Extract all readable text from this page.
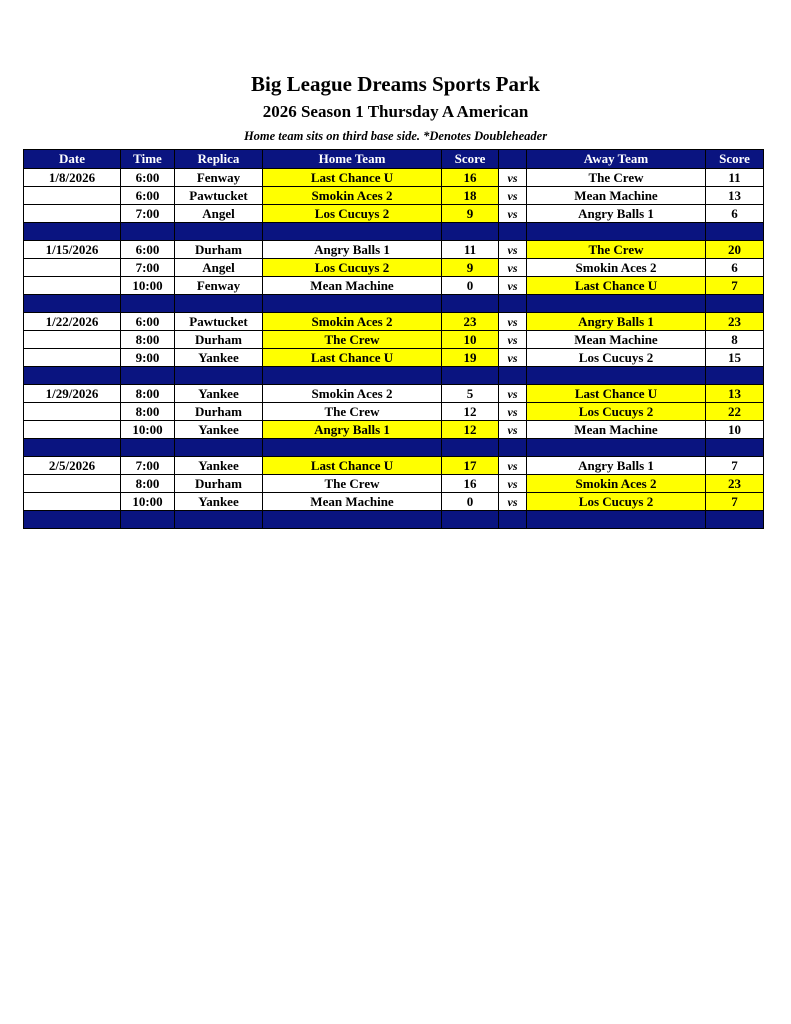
Big League Dreams Sports Park
2026 Season 1 Thursday A American
Home team sits on third base side. *Denotes Doubleheader
Date	Time	Replica	Home Team	Score		Away Team	Score
1/8/2026	6:00	Fenway	Last Chance U	16	vs	The Crew	11
	6:00	Pawtucket	Smokin Aces 2	18	vs	Mean Machine	13
	7:00	Angel	Los Cucuys 2	9	vs	Angry Balls 1	6

1/15/2026	6:00	Durham	Angry Balls 1	11	vs	The Crew	20
	7:00	Angel	Los Cucuys 2	9	vs	Smokin Aces 2	6
	10:00	Fenway	Mean Machine	0	vs	Last Chance U	7

1/22/2026	6:00	Pawtucket	Smokin Aces 2	23	vs	Angry Balls 1	23
	8:00	Durham	The Crew	10	vs	Mean Machine	8
	9:00	Yankee	Last Chance U	19	vs	Los Cucuys 2	15

1/29/2026	8:00	Yankee	Smokin Aces 2	5	vs	Last Chance U	13
	8:00	Durham	The Crew	12	vs	Los Cucuys 2	22
	10:00	Yankee	Angry Balls 1	12	vs	Mean Machine	10

2/5/2026	7:00	Yankee	Last Chance U	17	vs	Angry Balls 1	7
	8:00	Durham	The Crew	16	vs	Smokin Aces 2	23
	10:00	Yankee	Mean Machine	0	vs	Los Cucuys 2	7
